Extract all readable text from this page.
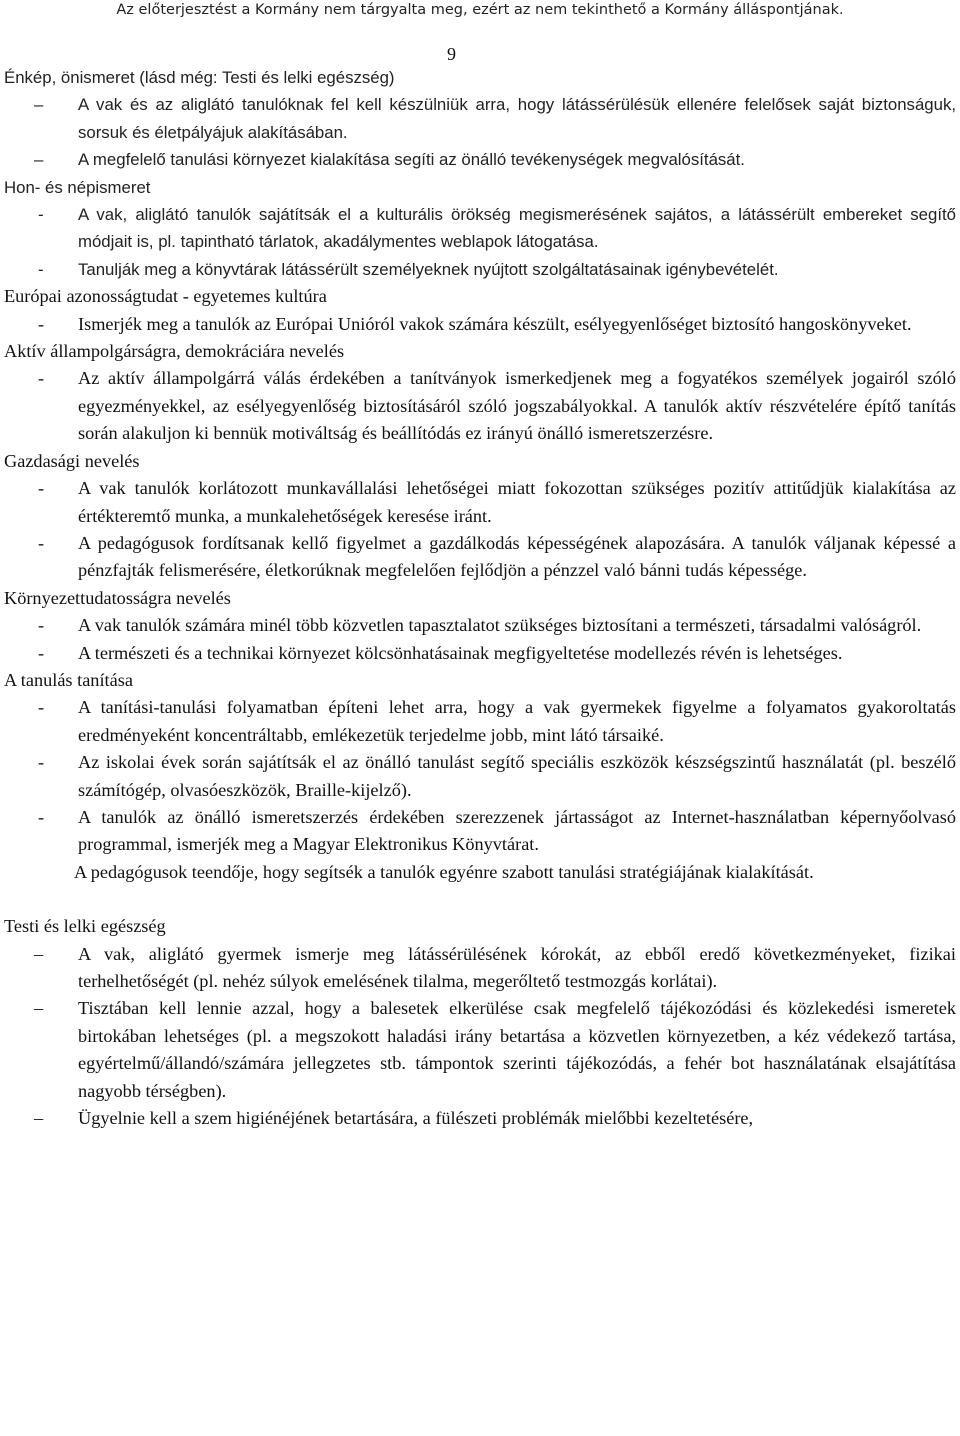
Az előterjesztést a Kormány nem tárgyalta meg, ezért az nem tekinthető a Kormány álláspontjának.
9
Énkép, önismeret (lásd még: Testi és lelki egészség)
– A vak és az aliglátó tanulóknak fel kell készülniük arra, hogy látássérülésük ellenére felelősek saját biztonságuk, sorsuk és életpályájuk alakításában.
– A megfelelő tanulási környezet kialakítása segíti az önálló tevékenységek megvalósítását.
Hon- és népismeret
- A vak, aliglátó tanulók sajátítsák el a kulturális örökség megismerésének sajátos, a látássérült embereket segítő módjait is, pl. tapintható tárlatok, akadálymentes weblapok látogatása.
- Tanulják meg a könyvtárak látássérült személyeknek nyújtott szolgáltatásainak igénybevételét.
Európai azonosságtudat - egyetemes kultúra
- Ismerjék meg a tanulók az Európai Unióról vakok számára készült, esélyegyenlőséget biztosító hangoskönyveket.
Aktív állampolgárságra, demokráciára nevelés
- Az aktív állampolgárrá válás érdekében a tanítványok ismerkedjenek meg a fogyatékos személyek jogairól szóló egyezményekkel, az esélyegyenlőség biztosításáról szóló jogszabályokkal. A tanulók aktív részvételére építő tanítás során alakuljon ki bennük motiváltság és beállítódás ez irányú önálló ismeretszerzésre.
Gazdasági nevelés
- A vak tanulók korlátozott munkavállalási lehetőségei miatt fokozottan szükséges pozitív attitűdjük kialakítása az értékteremtő munka, a munkalehetőségek keresése iránt.
- A pedagógusok fordítsanak kellő figyelmet a gazdálkodás képességének alapozására. A tanulók váljanak képessé a pénzfajták felismerésére, életkorúknak megfelelően fejlődjön a pénzzel való bánni tudás képessége.
Környezettudatosságra nevelés
- A vak tanulók számára minél több közvetlen tapasztalatot szükséges biztosítani a természeti, társadalmi valóságról.
- A természeti és a technikai környezet kölcsönhatásainak megfigyeltetése modellezés révén is lehetséges.
A tanulás tanítása
- A tanítási-tanulási folyamatban építeni lehet arra, hogy a vak gyermekek figyelme a folyamatos gyakoroltatás eredményeként koncentráltabb, emlékezetük terjedelme jobb, mint látó társaiké.
- Az iskolai évek során sajátítsák el az önálló tanulást segítő speciális eszközök készségszintű használatát (pl. beszélő számítógép, olvasóeszközök, Braille-kijelző).
- A tanulók az önálló ismeretszerzés érdekében szerezzenek jártasságot az Internet-használatban képernyőolvasó programmal, ismerjék meg a Magyar Elektronikus Könyvtárat.
A pedagógusok teendője, hogy segítsék a tanulók egyénre szabott tanulási stratégiájának kialakítását.
Testi és lelki egészség
– A vak, aliglátó gyermek ismerje meg látássérülésének kórokát, az ebből eredő következményeket, fizikai terhelhetőségét (pl. nehéz súlyok emelésének tilalma, megerőltető testmozgás korlátai).
– Tisztában kell lennie azzal, hogy a balesetek elkerülése csak megfelelő tájékozódási és közlekedési ismeretek birtokában lehetséges (pl. a megszokott haladási irány betartása a közvetlen környezetben, a kéz védekező tartása, egyértelmű/állandó/számára jellegzetes stb. támpontok szerinti tájékozódás, a fehér bot használatának elsajátítása nagyobb térségben).
– Ügyelnie kell a szem higiénéjének betartására, a fülészeti problémák mielőbbi kezeltetésére,
